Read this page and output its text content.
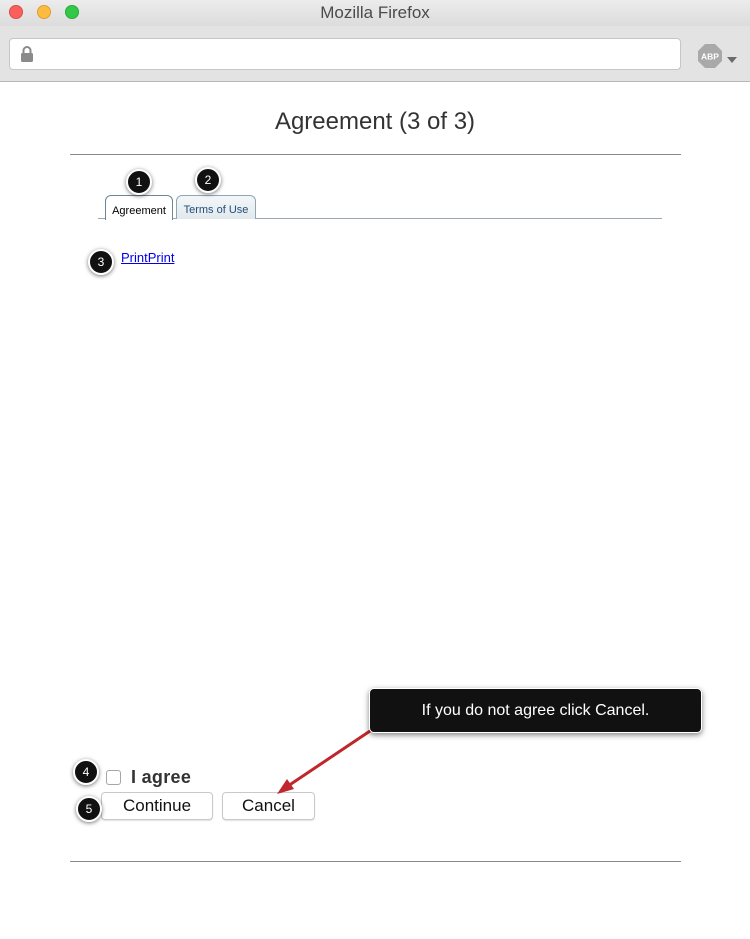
Mozilla Firefox
ABP
Agreement (3 of 3)
Agreement	Terms of Use
PrintPrint
I agree
Continue	Cancel
1	2
3
4
5
If you do not agree click Cancel.
